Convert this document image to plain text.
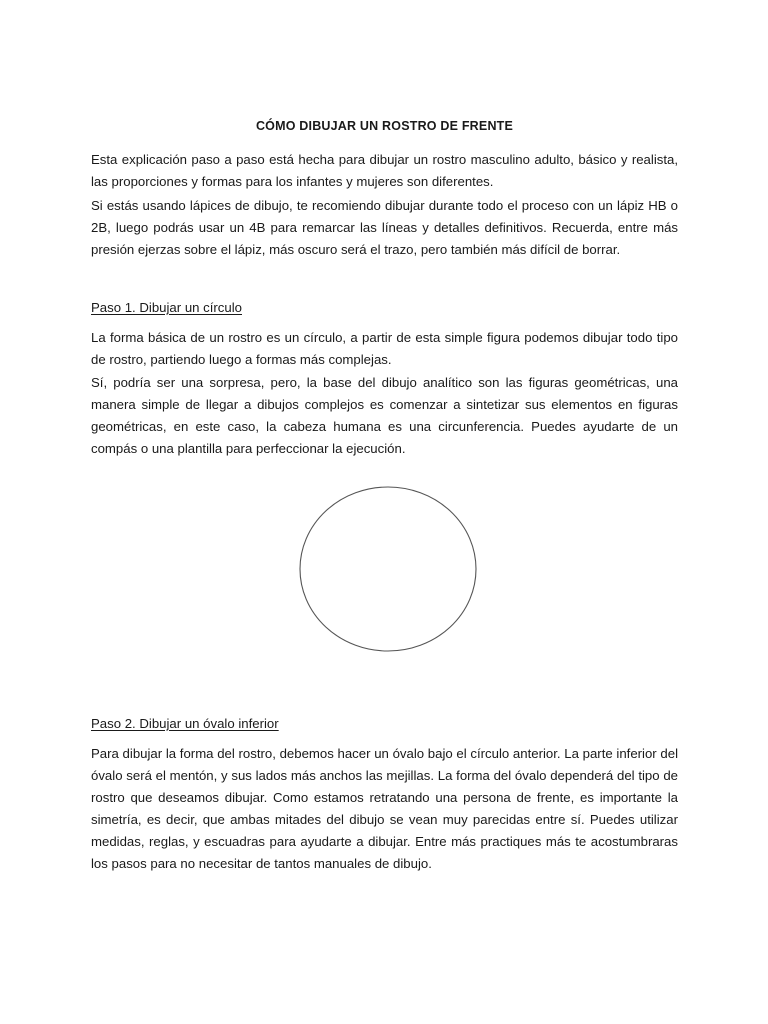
CÓMO DIBUJAR UN ROSTRO DE FRENTE

Esta explicación paso a paso está hecha para dibujar un rostro masculino adulto, básico y realista, las proporciones y formas para los infantes y mujeres son diferentes.

Si estás usando lápices de dibujo, te recomiendo dibujar durante todo el proceso con un lápiz HB o 2B, luego podrás usar un 4B para remarcar las líneas y detalles definitivos. Recuerda, entre más presión ejerzas sobre el lápiz, más oscuro será el trazo, pero también más difícil de borrar.

Paso 1. Dibujar un círculo

La forma básica de un rostro es un círculo, a partir de esta simple figura podemos dibujar todo tipo de rostro, partiendo luego a formas más complejas.

Sí, podría ser una sorpresa, pero, la base del dibujo analítico son las figuras geométricas, una manera simple de llegar a dibujos complejos es comenzar a sintetizar sus elementos en figuras geométricas, en este caso, la cabeza humana es una circunferencia. Puedes ayudarte de un compás o una plantilla para perfeccionar la ejecución.

Paso 2. Dibujar un óvalo inferior

Para dibujar la forma del rostro, debemos hacer un óvalo bajo el círculo anterior. La parte inferior del óvalo será el mentón, y sus lados más anchos las mejillas. La forma del óvalo dependerá del tipo de rostro que deseamos dibujar. Como estamos retratando una persona de frente, es importante la simetría, es decir, que ambas mitades del dibujo se vean muy parecidas entre sí. Puedes utilizar medidas, reglas, y escuadras para ayudarte a dibujar. Entre más practiques más te acostumbraras los pasos para no necesitar de tantos manuales de dibujo.
